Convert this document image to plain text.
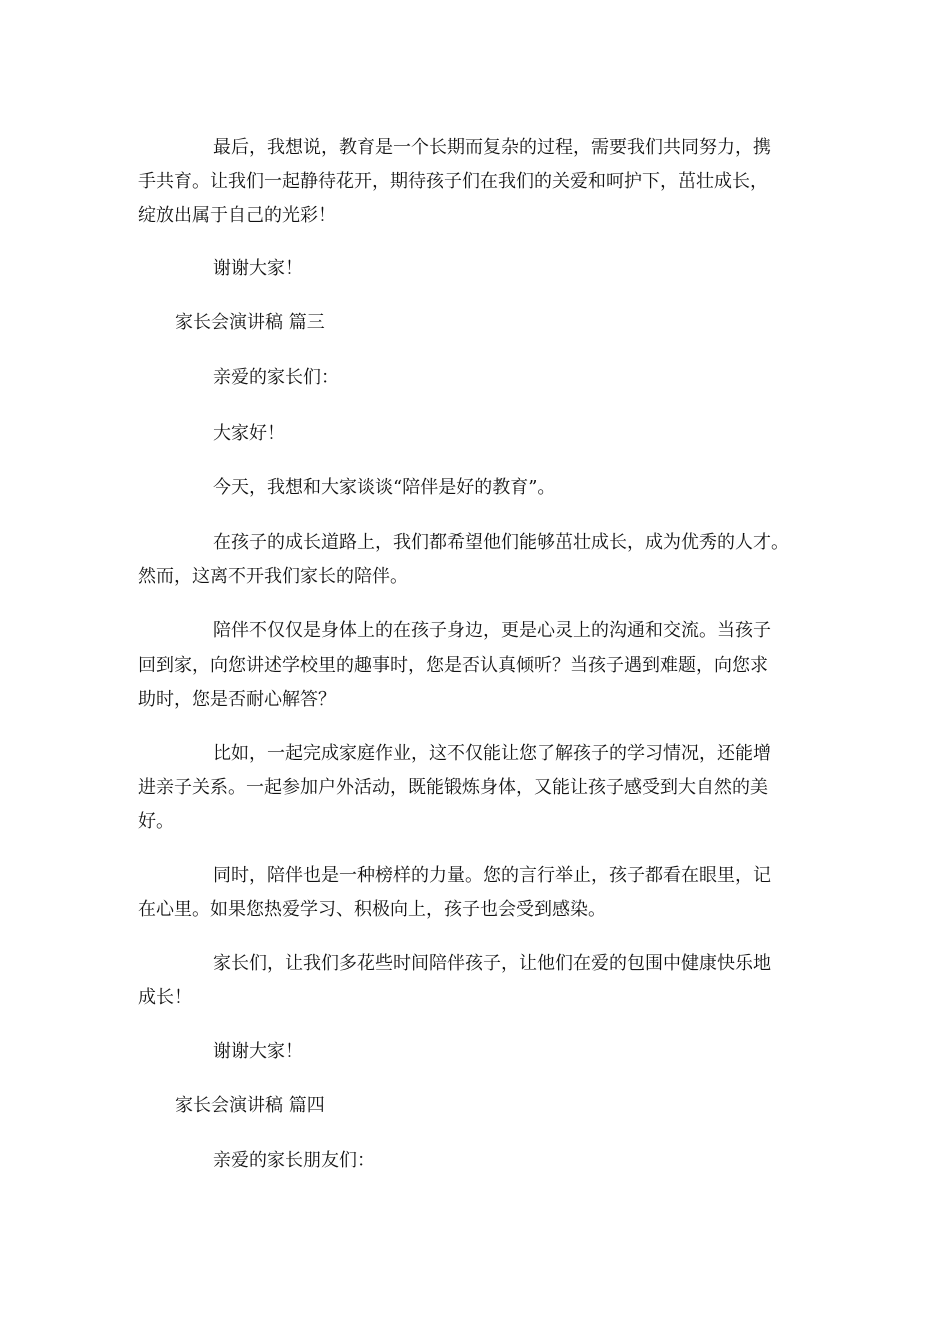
最后，我想说，教育是一个长期而复杂的过程，需要我们共同努力，携
手共育。让我们一起静待花开，期待孩子们在我们的关爱和呵护下，茁壮成长，
绽放出属于自己的光彩！
谢谢大家！
家长会演讲稿 篇三
亲爱的家长们：
大家好！
今天，我想和大家谈谈“陪伴是好的教育”。
在孩子的成长道路上，我们都希望他们能够茁壮成长，成为优秀的人才。
然而，这离不开我们家长的陪伴。
陪伴不仅仅是身体上的在孩子身边，更是心灵上的沟通和交流。当孩子
回到家，向您讲述学校里的趣事时，您是否认真倾听？当孩子遇到难题，向您求
助时，您是否耐心解答？
比如，一起完成家庭作业，这不仅能让您了解孩子的学习情况，还能增
进亲子关系。一起参加户外活动，既能锻炼身体，又能让孩子感受到大自然的美
好。
同时，陪伴也是一种榜样的力量。您的言行举止，孩子都看在眼里，记
在心里。如果您热爱学习、积极向上，孩子也会受到感染。
家长们，让我们多花些时间陪伴孩子，让他们在爱的包围中健康快乐地
成长！
谢谢大家！
家长会演讲稿 篇四
亲爱的家长朋友们：
